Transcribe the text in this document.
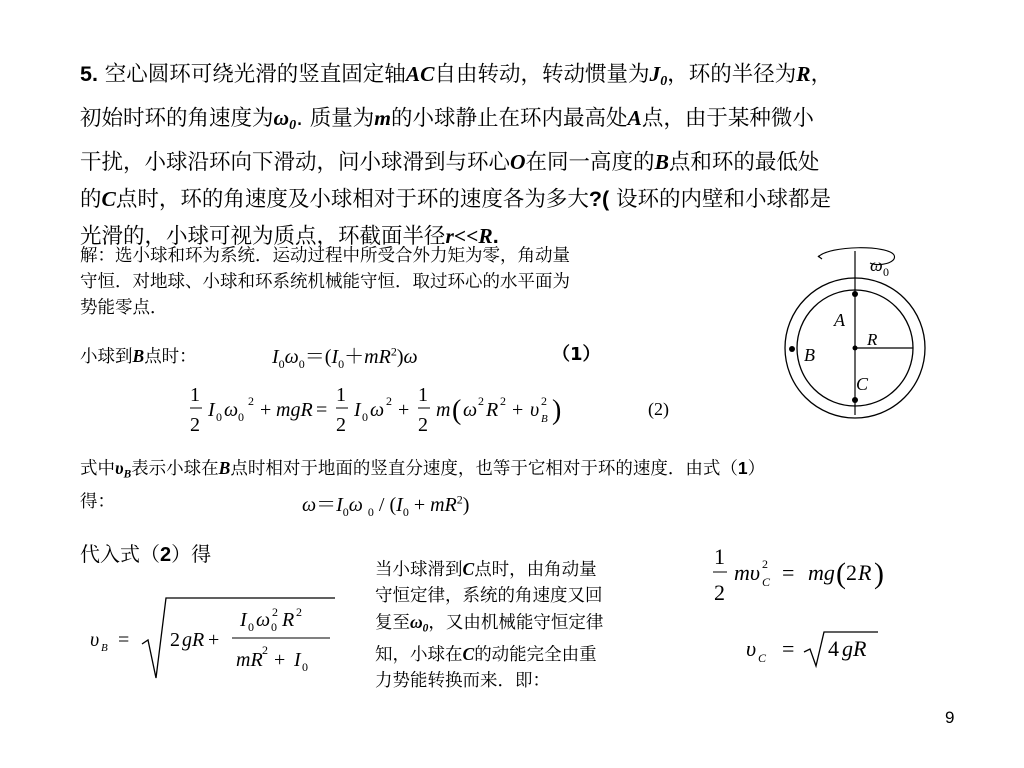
5. 空心圆环可绕光滑的竖直固定轴AC自由转动，转动惯量为$J_0$，环的半径为R，
初始时环的角速度为$\omega_0$. 质量为m的小球静止在环内最高处A点，由于某种微小
干扰，小球沿环向下滑动，问小球滑到与环心O在同一高度的B点和环的最低处
的C点时，环的角速度及小球相对于环的速度各为多大?( 设环的内壁和小球都是
光滑的，小球可视为质点，环截面半径r<<R.
解：选小球和环为系统．运动过程中所受合外力矩为零，角动量
守恒．对地球、小球和环系统机械能守恒．取过环心的水平面为
势能零点．
小球到B点时：	$I_0\omega_0=(I_0+mR^2)\omega$	（1）
1
2
I 0 ω 0
2 + mgR =
1
2
I 0 ω 2 +
1
2
m ( ω 2 R 2 + υ 2
B )	(2)
式中$\upsilon_B$表示小球在B点时相对于地面的竖直分速度，也等于它相对于环的速度．由式（1）
得：	$\omega=I_0\omega$ $_0 / (I_0 + mR^2)$
代入式（2）得
υ B = 2 gR +
I 0 ω 2
0 R 2
mR 2 + I 0
当小球滑到C点时，由角动量
守恒定律，系统的角速度又回
复至$\omega_0$，又由机械能守恒定律
知，小球在C的动能完全由重
力势能转换而来．即：
1
2
mυ 2
C = mg ( 2 R )
υ C = 4 gR
ω 0
A
R
B
C
9
